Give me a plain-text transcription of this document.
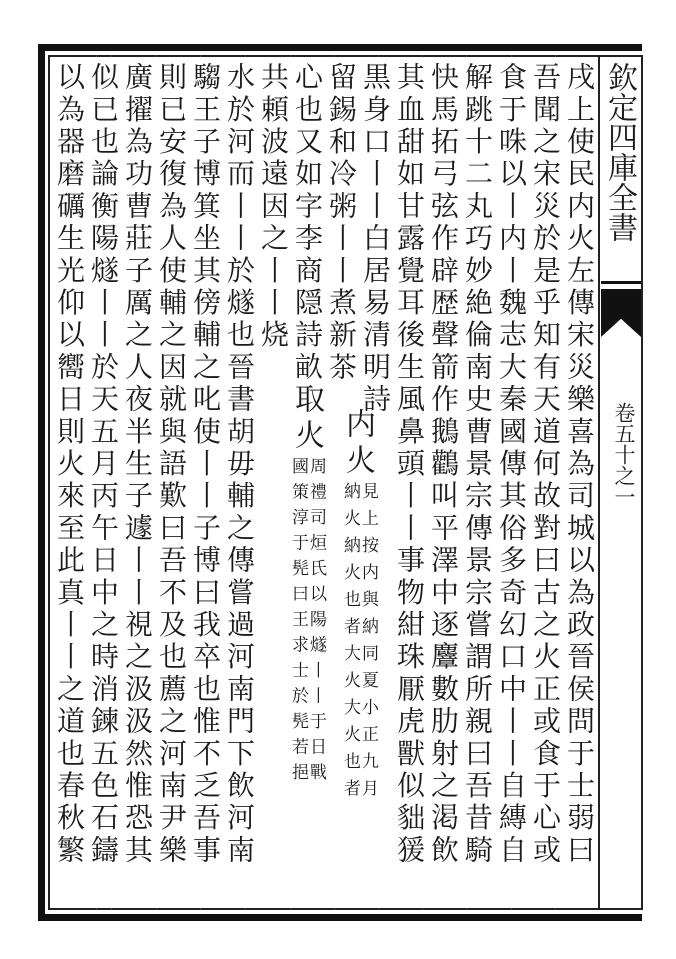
欽定四庫全書
卷五十之一
戌上使民内火左傳宋災樂喜為司城以為政晉侯問于士弱曰
吾聞之宋災於是乎知有天道何故對曰古之火正或食于心或
食于咮以丨内丨魏志大秦國傳其俗多奇幻口中丨丨自縳自
解跳十二丸巧妙絶倫南史曹景宗傳景宗嘗謂所親曰吾昔騎
快馬拓弓弦作辟歴聲箭作鵝鸛叫平澤中逐麞數肋射之渇飲
其血甜如甘露覺耳後生風鼻頭丨丨事物紺珠厭虎獸似貀猨
黒身口丨丨白居易清明詩
内火
見上按内與納同夏小正九月
納火納火也者大火大火也者
留錫和冷粥丨丨煮新茶
心也又如字李商隠詩畝
取火
周禮司烜氏以陽燧丨丨于日戰
國策淳于髡曰王求士於髡若挹
共頼波遠因之丨丨烧
水於河而丨丨於燧也晉書胡毋輔之傳嘗過河南門下飲河南
騶王子博箕坐其傍輔之叱使丨丨子博曰我卒也惟不乏吾事
則已安復為人使輔之因就與語歎曰吾不及也薦之河南尹樂
廣擢為功曹莊子厲之人夜半生子遽丨丨視之汲汲然惟恐其
似已也論衡陽燧丨丨於天五月丙午日中之時消鍊五色石鑄
以為器磨礪生光仰以嚮日則火來至此真丨丨之道也春秋繁
